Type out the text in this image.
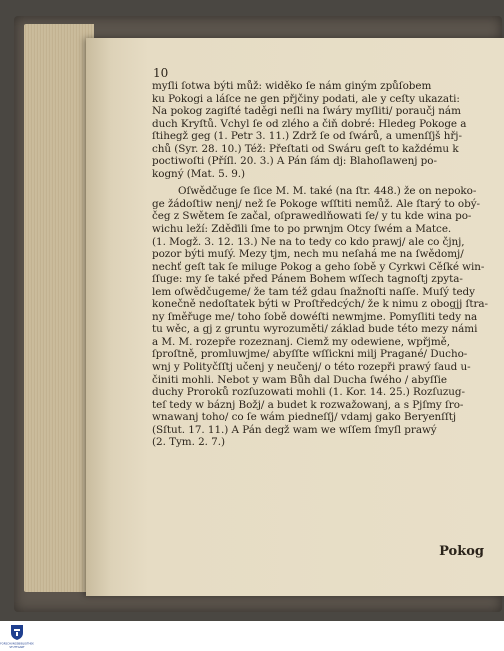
10
myſli ſotwa býti můž: widěko ſe nám giným způſobem
ku Pokogi a láſce ne gen přjčiny podati, ale y ceſty ukazati:
Na pokog zagiſté taděgi neſli na ſwáry myſliti/ poraučj nám
duch Kryſtů. Vchyl ſe od zlého a čiň dobré: Hledeg Pokoge a
ſtihegž geg (1. Petr 3. 11.) Zdrž ſe od ſwárů, a umenſſjš hřj-
chů (Syr. 28. 10.) Též: Přeſtati od Swáru geſt to každému k
poctiwoſti (Příſl. 20. 3.) A Pán ſám dj: Blahoſlawenj po-
kogný (Mat. 5. 9.)
Oſwědčuge ſe ſice M. M. také (na ſtr. 448.) že on nepoko-
ge žádoſtiw nenj/ než ſe Pokoge wſſtiti nemůž. Ale ſtarý to obý-
čeg z Swětem ſe začal, oſprawedlňowati ſe/ y tu kde wina po-
wichu leží: Zděďili ſme to po prwnjm Otcy ſwém a Matce.
(1. Mogž. 3. 12. 13.) Ne na to tedy co kdo prawj/ ale co čjnj,
pozor býti muſý. Mezy tjm, nech mu neſahá me na ſwědomj/
nechť geſt tak ſe miluge Pokog a geho ſobě y Cyrkwi Cěſké win-
ſſuge: my ſe také před Pánem Bohem wſſech tagnoſtj zpyta-
lem oſwědčugeme/ že tam též gdau ſnažnoſti naſſe. Muſý tedy
konečně nedoſtatek býti w Proſtředcých/ že k nimu z obogjj ſtra-
ny ſměřuge me/ toho ſobě dowéſti newmjme. Pomyſliti tedy na
tu wěc, a gj z gruntu wyrozuměti/ základ bude této mezy námi
a M. M. rozepře rozeznanj. Ciemž my odewiene, wpřjmě,
ſproſtně, promluwjme/ abyſſte wſſickni milj Pragané/ Ducho-
wnj y Polityčſſtj učenj y neučenj/ o této rozepři prawý ſaud u-
činiti mohli. Nebot y wam Bůh dal Ducha ſwého / abyſſie
duchy Proroků rozſuzowati mohli (1. Kor. 14. 25.) Rozſuzug-
teſ tedy w báznj Božj/ a budet k rozwažowanj, a s Pjſmy ſro-
wnawanj toho/ co ſe wám piedneſſj/ vdamj gako Beryenſſtj
(Sſtut. 17. 11.) A Pán degž wam we wſſem ſmyſl prawý
(2. Tym. 2. 7.)
Pokog
FORSCHUNGSBIBLIOTHEK
STUTTGART
